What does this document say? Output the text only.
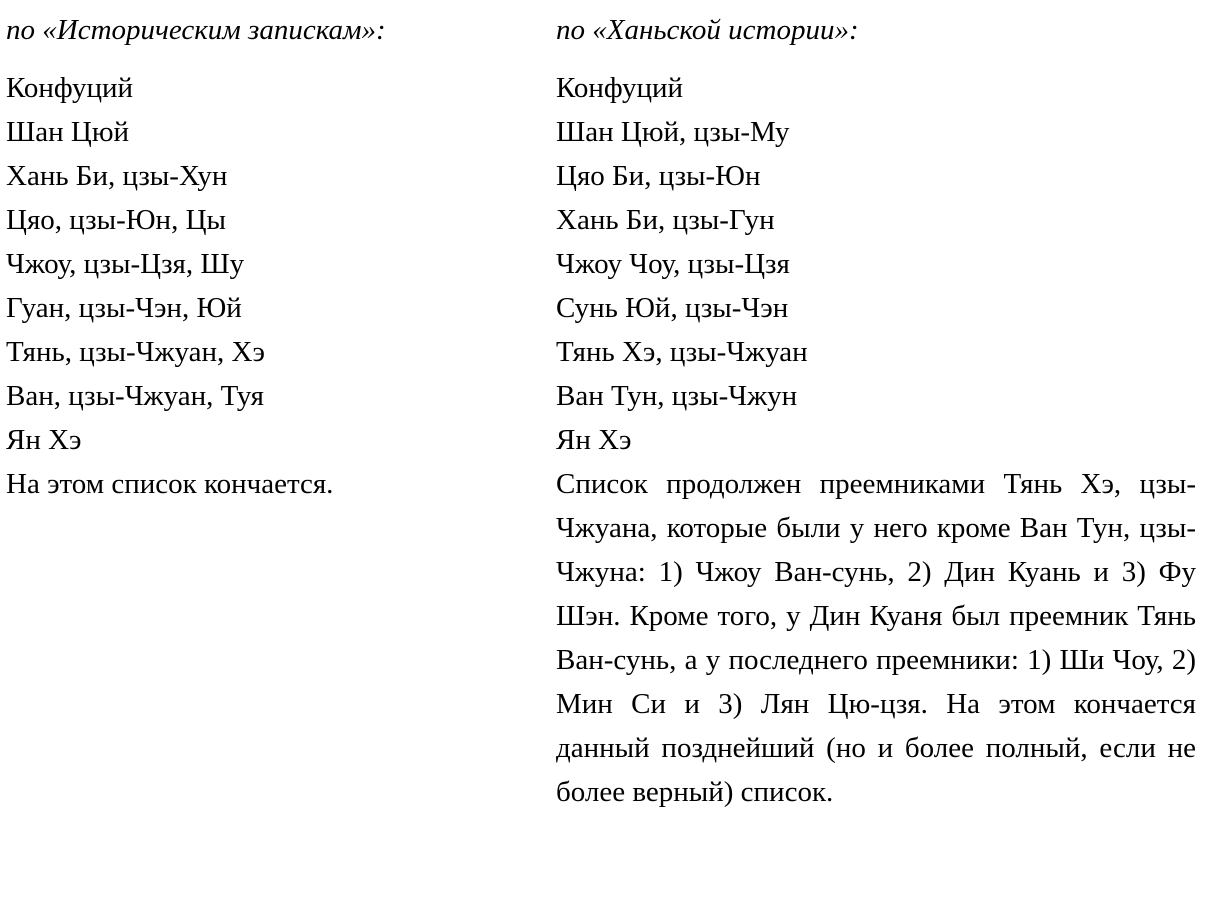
по «Историческим запискам»:
Конфуций
Шан Цюй
Хань Би, цзы-Хун
Цяо, цзы-Юн, Цы
Чжоу, цзы-Цзя, Шу
Гуан, цзы-Чэн, Юй
Тянь, цзы-Чжуан, Хэ
Ван, цзы-Чжуан, Туя
Ян Хэ
На этом список кончается.
по «Ханьской истории»:
Конфуций
Шан Цюй, цзы-Му
Цяо Би, цзы-Юн
Хань Би, цзы-Гун
Чжоу Чоу, цзы-Цзя
Сунь Юй, цзы-Чэн
Тянь Хэ, цзы-Чжуан
Ван Тун, цзы-Чжун
Ян Хэ
Список продолжен преемниками Тянь Хэ, цзы-Чжуана, которые были у него кроме Ван Тун, цзы-Чжуна: 1) Чжоу Ван-сунь, 2) Дин Куань и 3) Фу Шэн. Кроме того, у Дин Куаня был преемник Тянь Ван-сунь, а у последнего преемники: 1) Ши Чоу, 2) Мин Си и 3) Лян Цю-цзя. На этом кончается данный позднейший (но и более полный, если не более верный) список.
